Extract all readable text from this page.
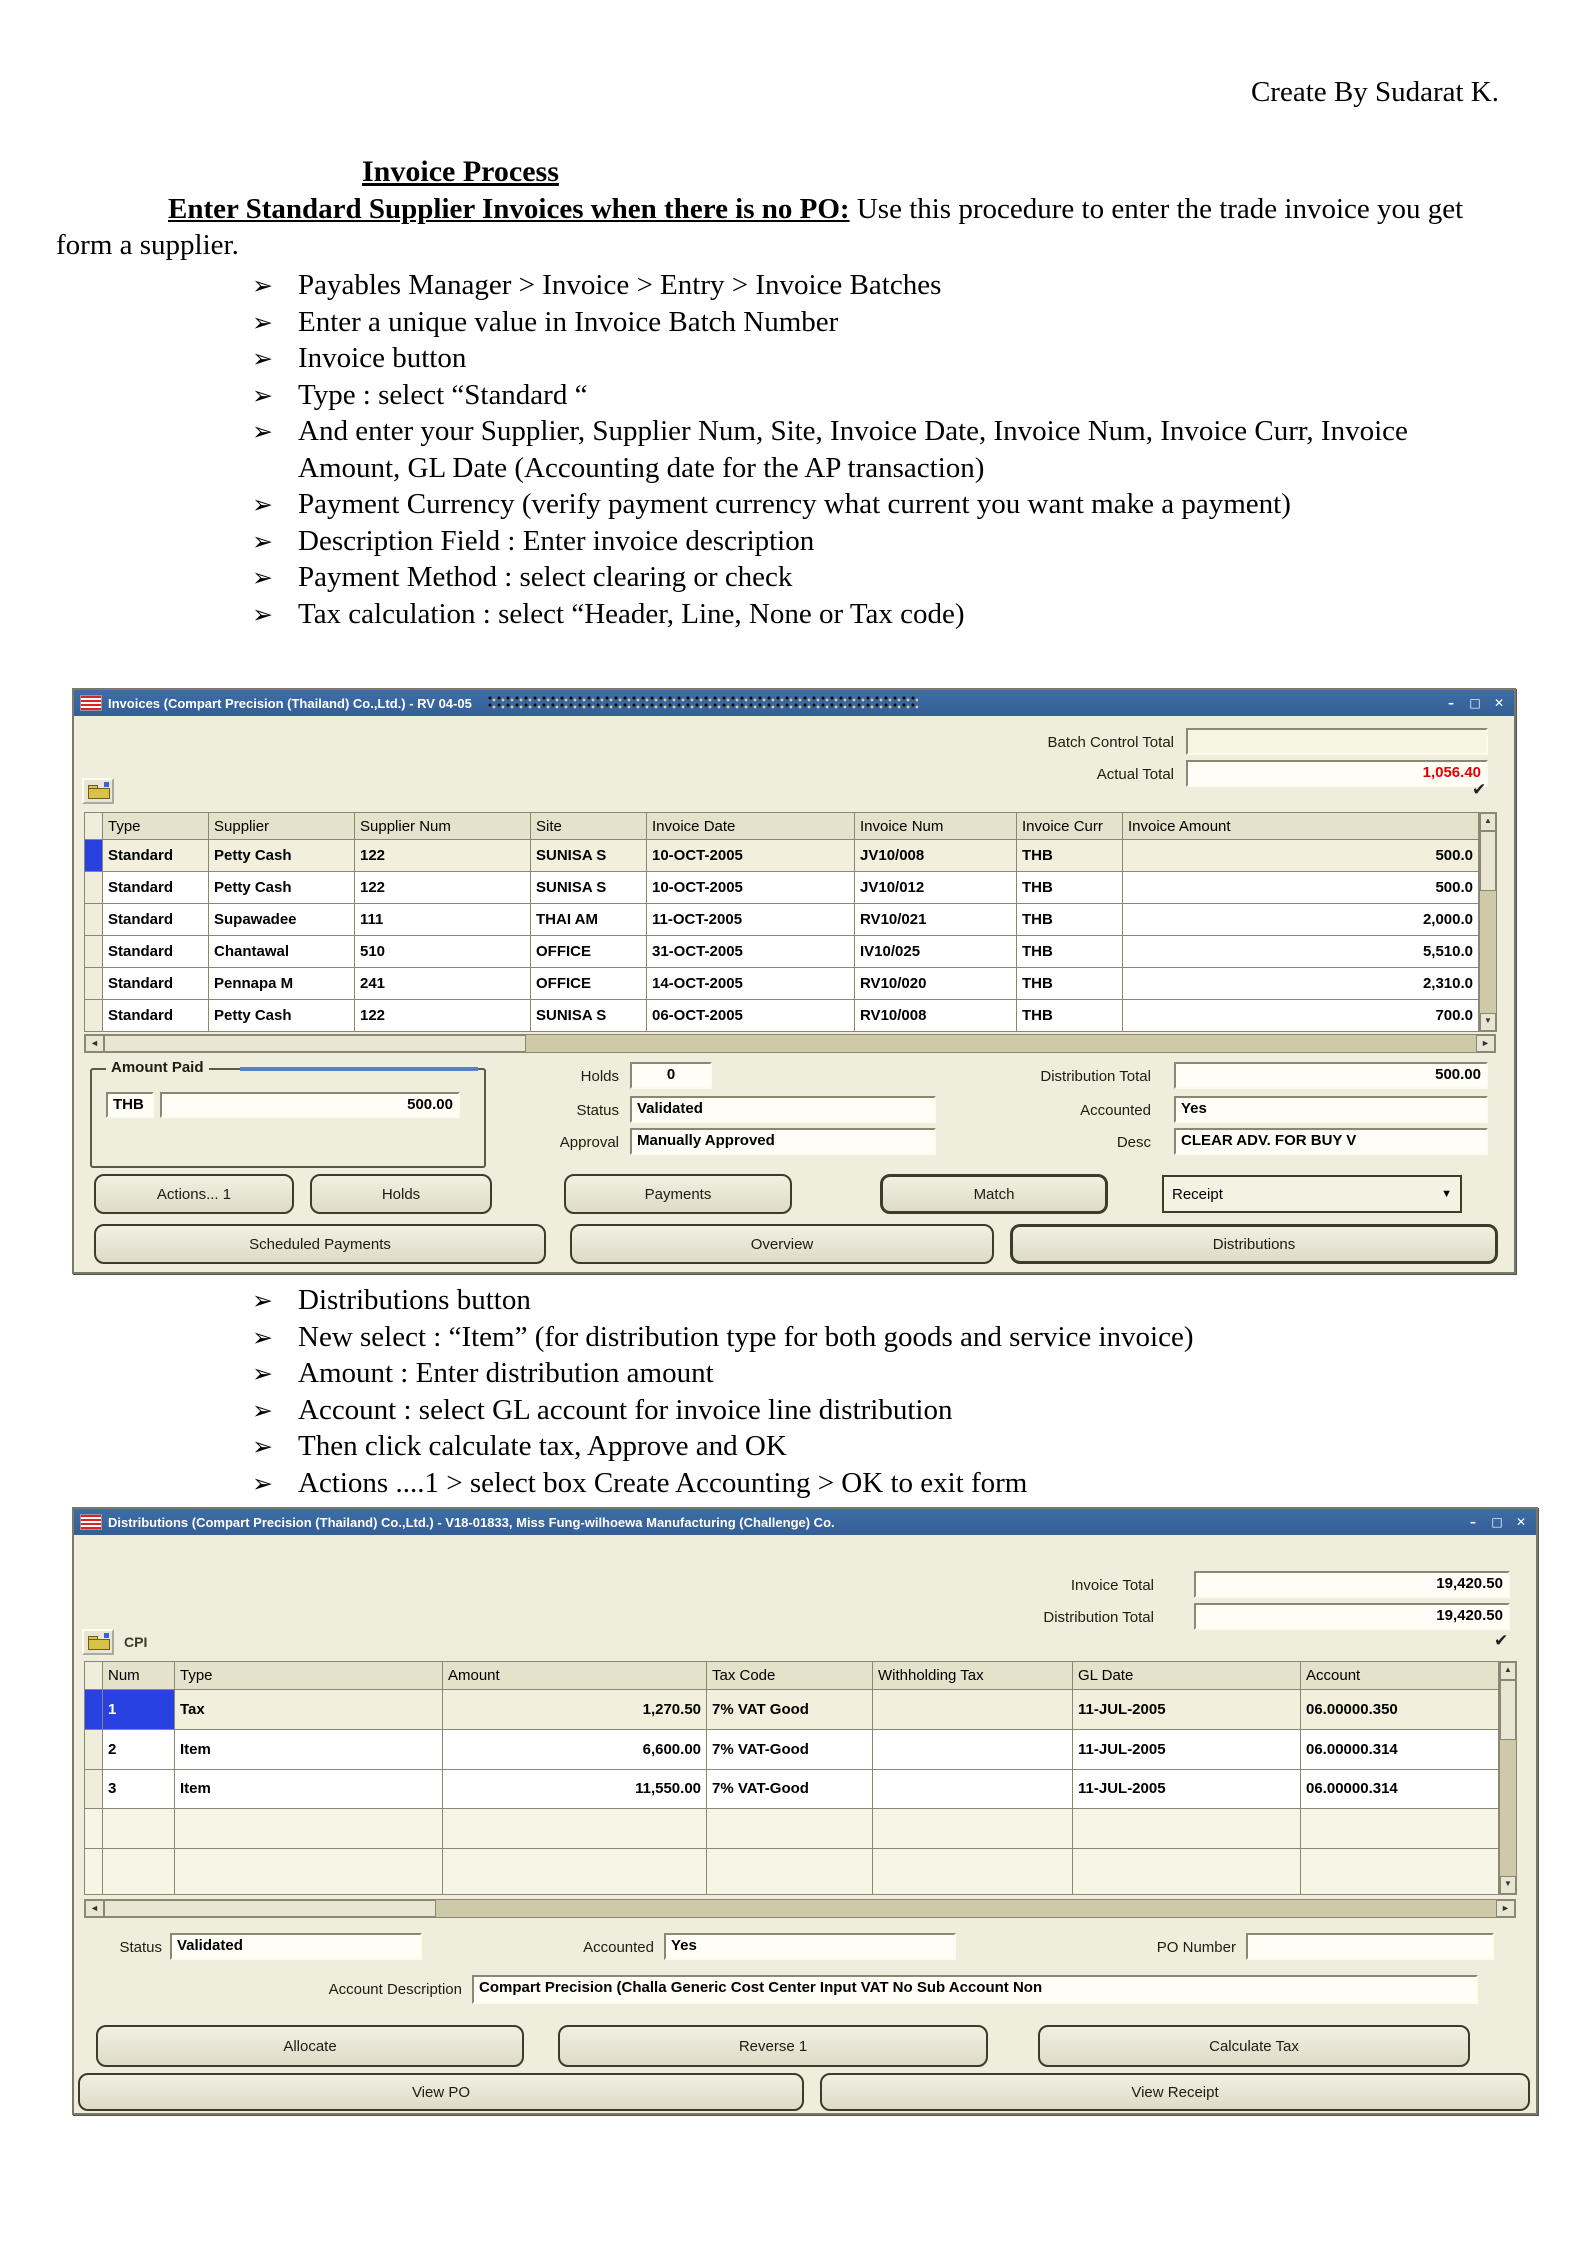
Create By Sudarat K.
Invoice Process

Enter Standard Supplier Invoices when there is no PO: Use this procedure to enter the trade invoice you get form a supplier.

➢ Payables Manager > Invoice > Entry > Invoice Batches
➢ Enter a unique value in Invoice Batch Number
➢ Invoice button
➢ Type : select “Standard “
➢ And enter your Supplier, Supplier Num, Site, Invoice Date, Invoice Num, Invoice Curr, Invoice Amount, GL Date (Accounting date for the AP transaction)
➢ Payment Currency (verify payment currency what current you want make a payment)
➢ Description Field : Enter invoice description
➢ Payment Method : select clearing or check
➢ Tax calculation : select “Header, Line, None or Tax code)
Invoices (Compart Precision (Thailand) Co.,Ltd.) - RV 04-05	–	□	✕
Batch Control Total
Actual Total	1,056.40
✔
	Type	Supplier	Supplier Num	Site	Invoice Date	Invoice Num	Invoice Curr	Invoice Amount
	Standard	Petty Cash	122	SUNISA S	10-OCT-2005	JV10/008	THB	500.0
	Standard	Petty Cash	122	SUNISA S	10-OCT-2005	JV10/012	THB	500.0
	Standard	Supawadee	111	THAI AM	11-OCT-2005	RV10/021	THB	2,000.0
	Standard	Chantawal	510	OFFICE	31-OCT-2005	IV10/025	THB	5,510.0
	Standard	Pennapa M	241	OFFICE	14-OCT-2005	RV10/020	THB	2,310.0
	Standard	Petty Cash	122	SUNISA S	06-OCT-2005	RV10/008	THB	700.0
▲
▼
◄	►
Amount Paid
THB	500.00
Holds	0
Status	Validated
Approval	Manually Approved
Distribution Total	500.00
Accounted	Yes
Desc	CLEAR ADV. FOR BUY V
Actions... 1	Holds	Payments	Match	Receipt	▼
Scheduled Payments	Overview	Distributions
➢ Distributions button
➢ New select : “Item” (for distribution type for both goods and service invoice)
➢ Amount : Enter distribution amount
➢ Account : select GL account for invoice line distribution
➢ Then click calculate tax, Approve and OK
➢ Actions ....1 > select box Create Accounting > OK to exit form
Distributions (Compart Precision (Thailand) Co.,Ltd.) - V18-01833, Miss Fung-wilhoewa Manufacturing (Challenge) Co.	–	□	✕
Invoice Total	19,420.50
Distribution Total	19,420.50
CPI	✔
	Num	Type	Amount	Tax Code	Withholding Tax	GL Date	Account
	1	Tax	1,270.50	7% VAT Good		11-JUL-2005	06.00000.350
	2	Item	6,600.00	7% VAT-Good		11-JUL-2005	06.00000.314
	3	Item	11,550.00	7% VAT-Good		11-JUL-2005	06.00000.314

▲
▼
◄	►
Status	Validated	Accounted	Yes	PO Number
Account Description	Compart Precision (Challa Generic Cost Center Input VAT No Sub Account Non
Allocate	Reverse 1	Calculate Tax
View PO	View Receipt
